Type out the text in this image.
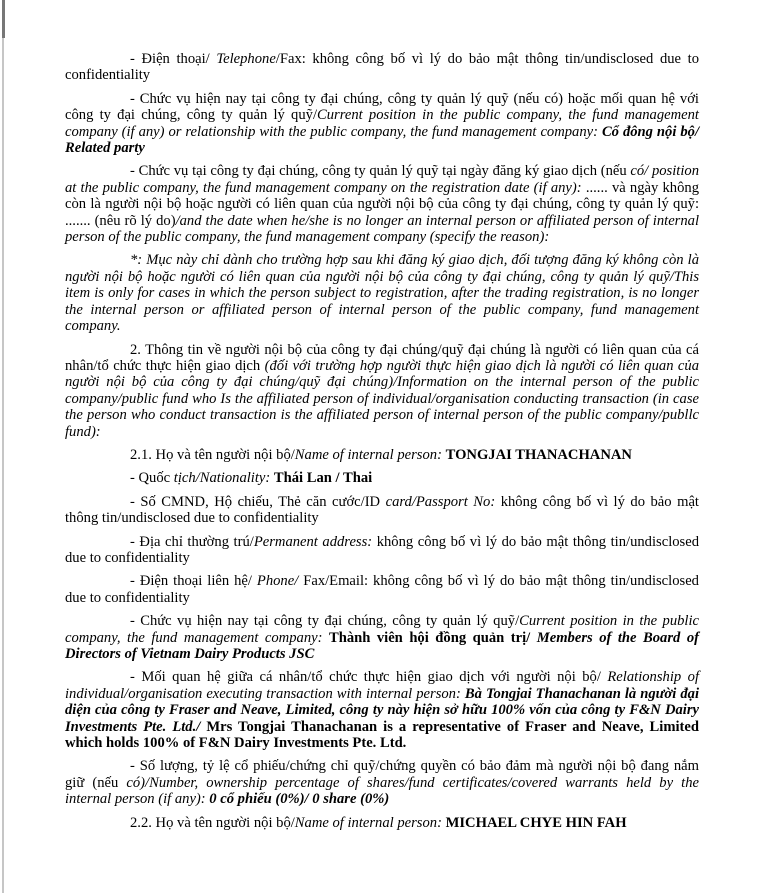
- Điện thoại/ Telephone/Fax: không công bố vì lý do bảo mật thông tin/undisclosed due to confidentiality

- Chức vụ hiện nay tại công ty đại chúng, công ty quản lý quỹ (nếu có) hoặc mối quan hệ với công ty đại chúng, công ty quản lý quỹ/Current position in the public company, the fund management company (if any) or relationship with the public company, the fund management company: Cổ đông nội bộ/ Related party

- Chức vụ tại công ty đại chúng, công ty quản lý quỹ tại ngày đăng ký giao dịch (nếu có/ position at the public company, the fund management company on the registration date (if any): ...... và ngày không còn là người nội bộ hoặc người có liên quan của người nội bộ của công ty đại chúng, công ty quản lý quỹ:  ....... (nêu rõ lý do)/and the date when he/she is no longer an internal person or affiliated person of internal person of the public company, the fund management company (specify the reason):

*: Mục này chỉ dành cho trường hợp sau khi đăng ký giao dịch, đối tượng đăng ký không còn là người nội bộ hoặc người có liên quan của người nội bộ của công ty đại chúng, công ty quản lý quỹ/This item is only for cases in which the person subject to registration, after the trading registration, is no longer the internal person or affiliated person of internal person of the public company, fund management company.

2. Thông tin về người nội bộ của công ty đại chúng/quỹ đại chúng là người có liên quan của cá nhân/tổ chức thực hiện giao dịch (đối với trường hợp người thực hiện giao dịch là người có liên quan của người nội bộ của công ty đại chúng/quỹ đại chúng)/Information on the internal person of the public company/public fund who Is the affiliated person of individual/organisation conducting transaction (in case the person who conduct transaction is the affiliated person of internal person of the public company/publlc fund):

2.1. Họ và tên người nội bộ/Name of internal person: TONGJAI THANACHANAN

- Quốc tịch/Nationality: Thái Lan / Thai

- Số CMND, Hộ chiếu, Thẻ căn cước/ID card/Passport No: không công bố vì lý do bảo mật thông tin/undisclosed due to confidentiality

- Địa chỉ thường trú/Permanent address: không công bố vì lý do bảo mật thông tin/undisclosed due to confidentiality

- Điện thoại liên hệ/ Phone/ Fax/Email: không công bố vì lý do bảo mật thông tin/undisclosed due to confidentiality

- Chức vụ hiện nay tại công ty đại chúng, công ty quản lý quỹ/Current position in the public company, the fund management company: Thành viên hội đồng quản trị/ Members of the Board of Directors of Vietnam Dairy Products JSC

- Mối quan hệ giữa cá nhân/tổ chức thực hiện giao dịch với người nội bộ/ Relationship of individual/organisation executing transaction with internal person: Bà Tongjai Thanachanan là người đại diện của công ty Fraser and Neave, Limited, công ty này hiện sở hữu 100% vốn của công ty F&N Dairy Investments Pte. Ltd./ Mrs Tongjai Thanachanan is a representative of Fraser and Neave, Limited which holds 100% of F&N Dairy Investments Pte. Ltd.

- Số lượng, tỷ lệ cổ phiếu/chứng chỉ quỹ/chứng quyền có bảo đảm mà người nội bộ đang nắm giữ (nếu có)/Number, ownership percentage of shares/fund certificates/covered warrants held by the internal person (if any): 0 cổ phiếu (0%)/ 0 share (0%)

2.2. Họ và tên người nội bộ/Name of internal person: MICHAEL CHYE HIN FAH
